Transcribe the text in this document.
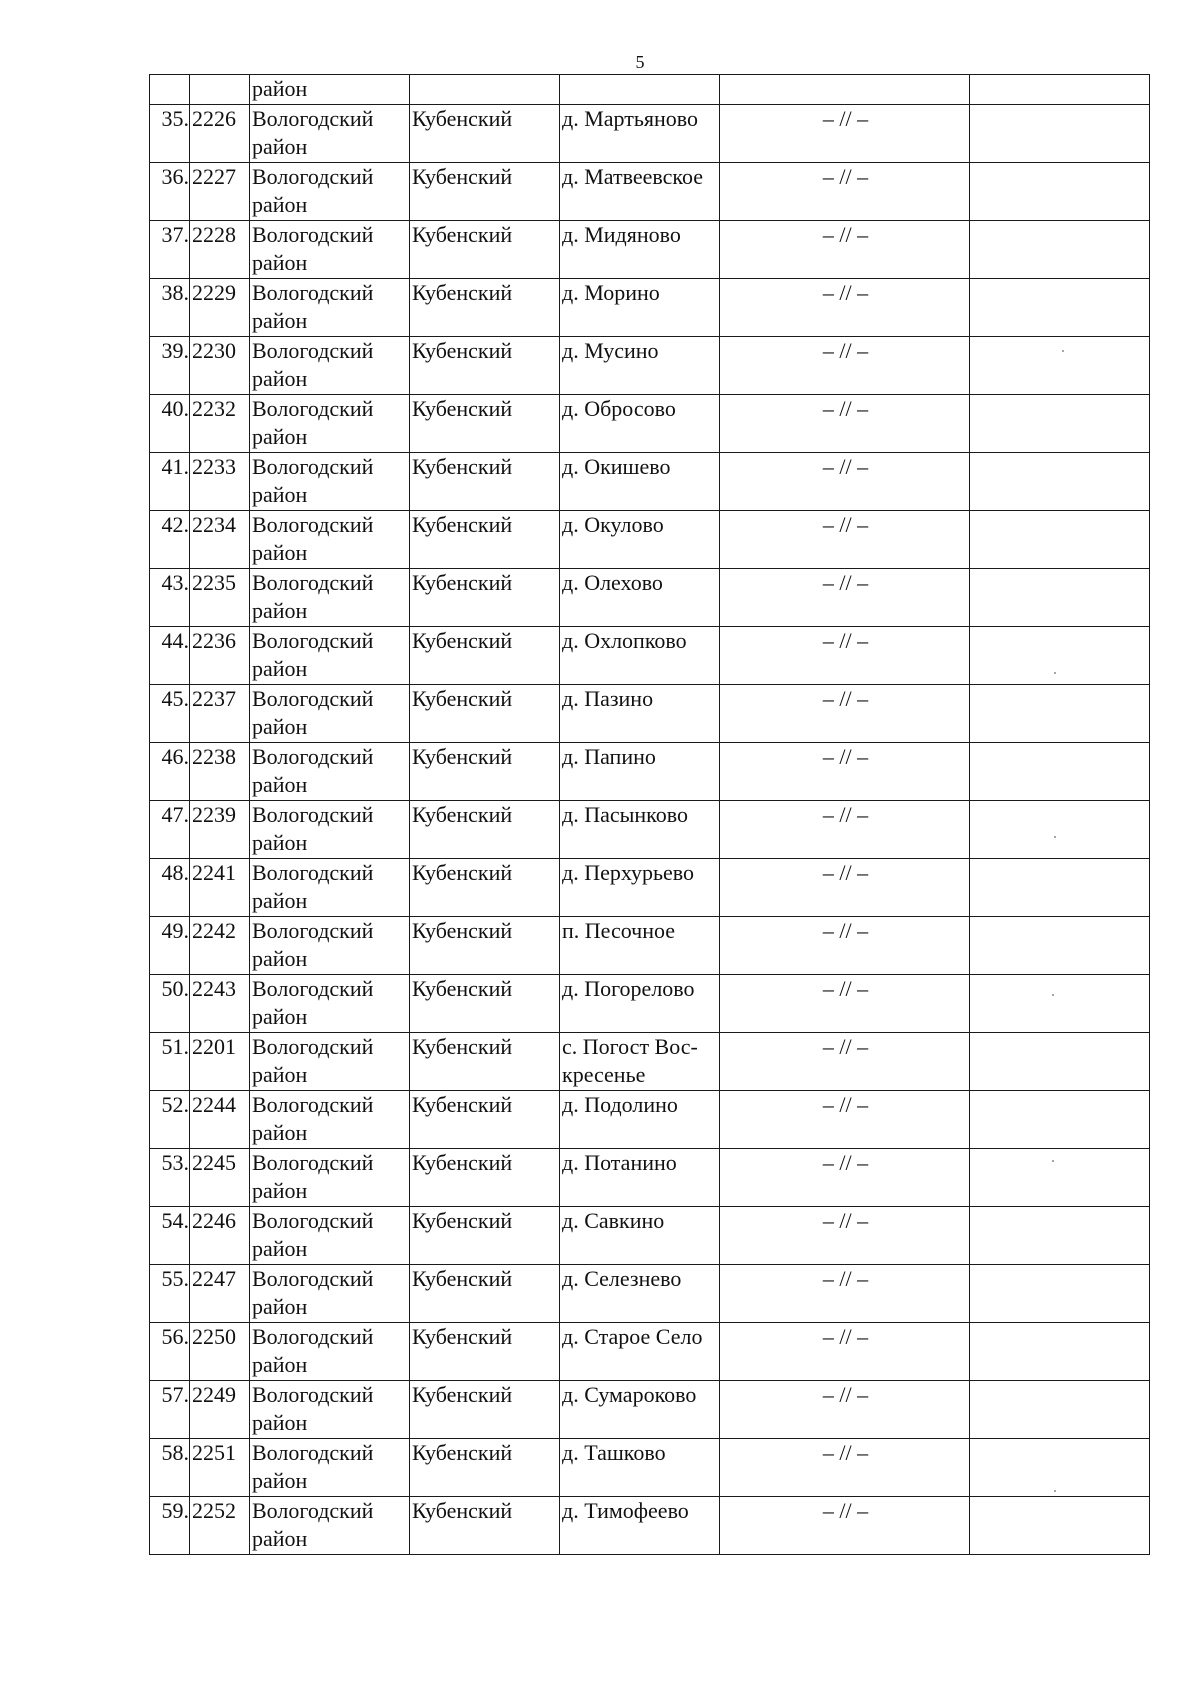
5
		район				
35.	2226	Вологодский район	Кубенский	д. Мартьяново	– // –	
36.	2227	Вологодский район	Кубенский	д. Матвеевское	– // –	
37.	2228	Вологодский район	Кубенский	д. Мидяново	– // –	
38.	2229	Вологодский район	Кубенский	д. Морино	– // –	
39.	2230	Вологодский район	Кубенский	д. Мусино	– // –	
40.	2232	Вологодский район	Кубенский	д. Обросово	– // –	
41.	2233	Вологодский район	Кубенский	д. Окишево	– // –	
42.	2234	Вологодский район	Кубенский	д. Окулово	– // –	
43.	2235	Вологодский район	Кубенский	д. Олехово	– // –	
44.	2236	Вологодский район	Кубенский	д. Охлопково	– // –	
45.	2237	Вологодский район	Кубенский	д. Пазино	– // –	
46.	2238	Вологодский район	Кубенский	д. Папино	– // –	
47.	2239	Вологодский район	Кубенский	д. Пасынково	– // –	
48.	2241	Вологодский район	Кубенский	д. Перхурьево	– // –	
49.	2242	Вологодский район	Кубенский	п. Песочное	– // –	
50.	2243	Вологодский район	Кубенский	д. Погорелово	– // –	
51.	2201	Вологодский район	Кубенский	с. Погост Вос-кресенье	– // –	
52.	2244	Вологодский район	Кубенский	д. Подолино	– // –	
53.	2245	Вологодский район	Кубенский	д. Потанино	– // –	
54.	2246	Вологодский район	Кубенский	д. Савкино	– // –	
55.	2247	Вологодский район	Кубенский	д. Селезнево	– // –	
56.	2250	Вологодский район	Кубенский	д. Старое Село	– // –	
57.	2249	Вологодский район	Кубенский	д. Сумароково	– // –	
58.	2251	Вологодский район	Кубенский	д. Ташково	– // –	
59.	2252	Вологодский район	Кубенский	д. Тимофеево	– // –	
